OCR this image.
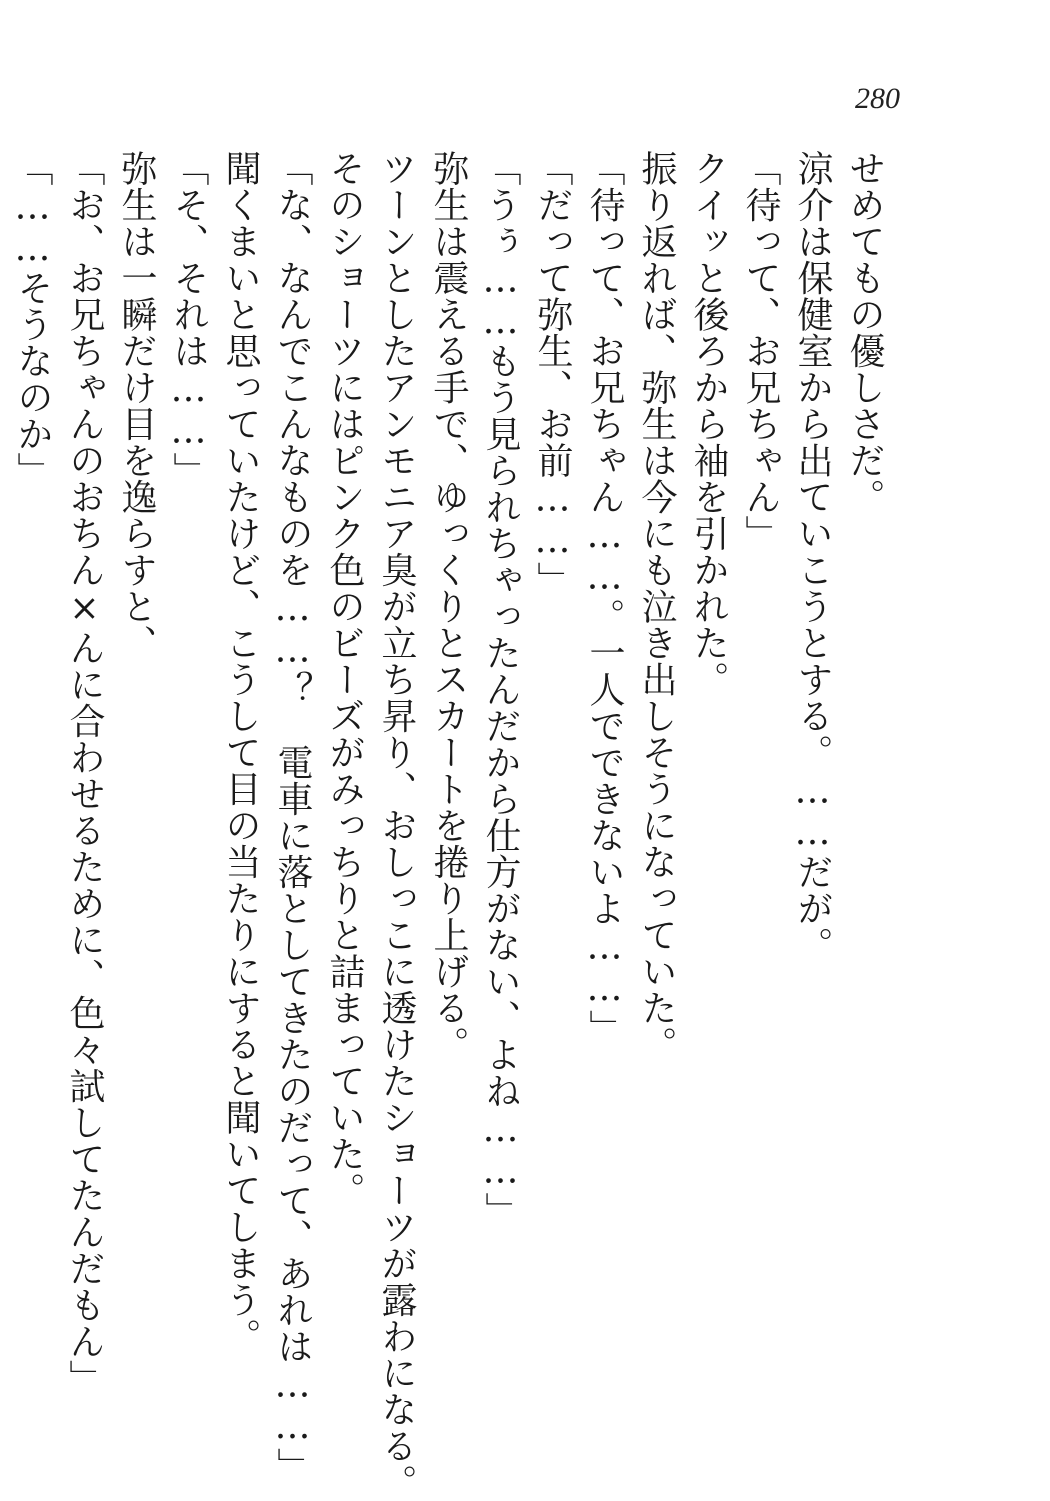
280
せめてもの優しさだ。
涼介は保健室から出ていこうとする。……だが。
「待って、お兄ちゃん」
クイッと後ろから袖を引かれた。
振り返れば、弥生は今にも泣き出しそうになっていた。
「待って、お兄ちゃん……。一人でできないよ……」
「だって弥生、お前……」
「うぅ……もう見られちゃったんだから仕方がない、よね……」
弥生は震える手で、ゆっくりとスカートを捲り上げる。
ツーンとしたアンモニア臭が立ち昇り、おしっこに透けたショーツが露わになる。
そのショーツにはピンク色のビーズがみっちりと詰まっていた。
「な、なんでこんなものを……？　電車に落としてきたのだって、あれは……」
聞くまいと思っていたけど、こうして目の当たりにすると聞いてしまう。
「そ、それは……」
弥生は一瞬だけ目を逸らすと、
「お、お兄ちゃんのおちん×んに合わせるために、色々試してたんだもん」
「……そうなのか」
